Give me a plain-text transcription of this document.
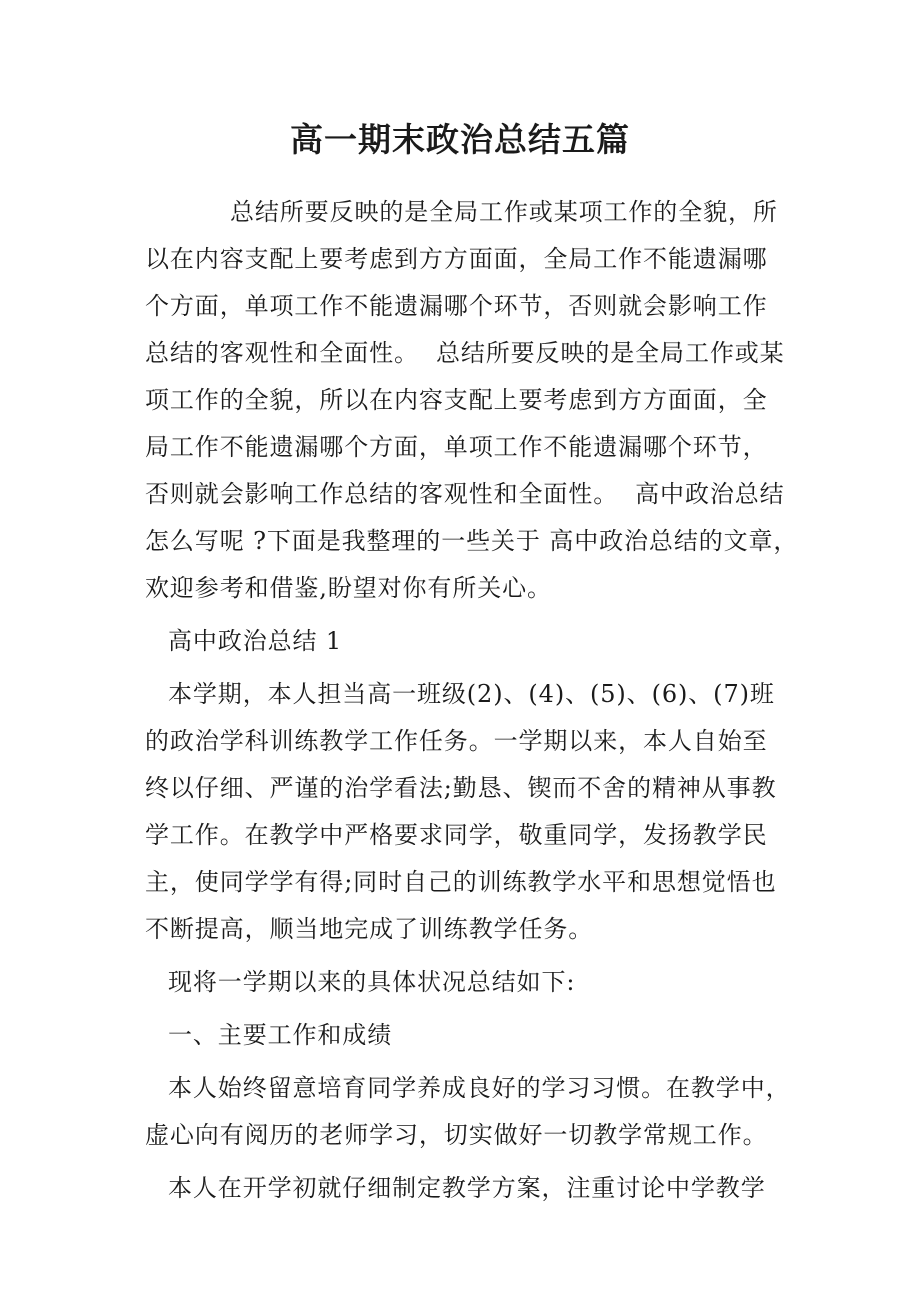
高一期末政治总结五篇
总结所要反映的是全局工作或某项工作的全貌，所
以在内容支配上要考虑到方方面面，全局工作不能遗漏哪
个方面，单项工作不能遗漏哪个环节，否则就会影响工作
总结的客观性和全面性。  总结所要反映的是全局工作或某
项工作的全貌，所以在内容支配上要考虑到方方面面，全
局工作不能遗漏哪个方面，单项工作不能遗漏哪个环节，
否则就会影响工作总结的客观性和全面性。  高中政治总结
怎么写呢 ?下面是我整理的一些关于 高中政治总结的文章，
欢迎参考和借鉴,盼望对你有所关心。
高中政治总结 1
本学期，本人担当高一班级(2)、(4)、(5)、(6)、(7)班
的政治学科训练教学工作任务。一学期以来，本人自始至
终以仔细、严谨的治学看法;勤恳、锲而不舍的精神从事教
学工作。在教学中严格要求同学，敬重同学，发扬教学民
主，使同学学有得;同时自己的训练教学水平和思想觉悟也
不断提高，顺当地完成了训练教学任务。
现将一学期以来的具体状况总结如下:
一、主要工作和成绩
本人始终留意培育同学养成良好的学习习惯。在教学中，
虚心向有阅历的老师学习，切实做好一切教学常规工作。
本人在开学初就仔细制定教学方案，注重讨论中学教学
